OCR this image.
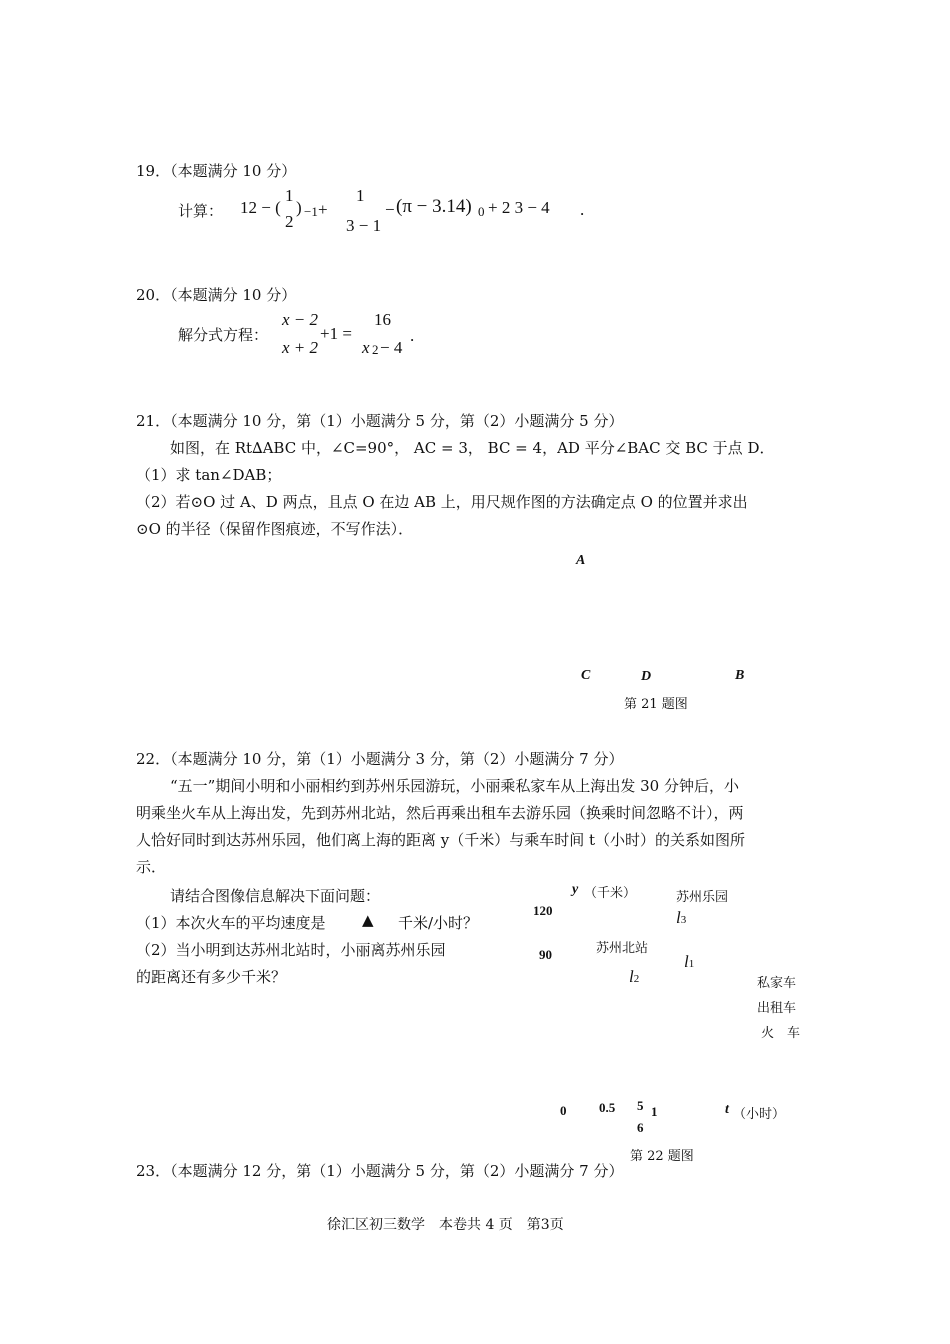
19．（本题满分 10 分）
计算： 12 − (
1
2
) −1 +
1
3 − 1
− (π − 3.14) 0 + 2 3 − 4 .
20．（本题满分 10 分）
解分式方程：
x − 2
x + 2
+1 =
16
x 2 − 4
.
21．（本题满分 10 分，第（1）小题满分 5 分，第（2）小题满分 5 分）
如图，在 Rt∆ABC 中，∠C=90°， AC = 3， BC = 4，AD 平分∠BAC 交 BC 于点 D．
（1）求 tan∠DAB；
（2）若⊙O 过 A、D 两点，且点 O 在边 AB 上，用尺规作图的方法确定点 O 的位置并求出
⊙O 的半径（保留作图痕迹，不写作法）．
A
C	D	B
第 21 题图
22．（本题满分 10 分，第（1）小题满分 3 分，第（2）小题满分 7 分）
“五一”期间小明和小丽相约到苏州乐园游玩，小丽乘私家车从上海出发 30 分钟后，小
明乘坐火车从上海出发，先到苏州北站，然后再乘出租车去游乐园（换乘时间忽略不计），两
人恰好同时到达苏州乐园，他们离上海的距离 y（千米）与乘车时间 t（小时）的关系如图所
示．
请结合图像信息解决下面问题：
（1）本次火车的平均速度是 ▲ 千米/小时？
（2）当小明到达苏州北站时，小丽离苏州乐园
的距离还有多少千米？
y （千米）	苏州乐园
120	l3
苏州北站
90	l1
l2	私家车
出租车
火　车
0	0.5 5
6
1	t （小时）
第 22 题图
23．（本题满分 12 分，第（1）小题满分 5 分，第（2）小题满分 7 分）
徐汇区初三数学　本卷共 4 页　第3页
